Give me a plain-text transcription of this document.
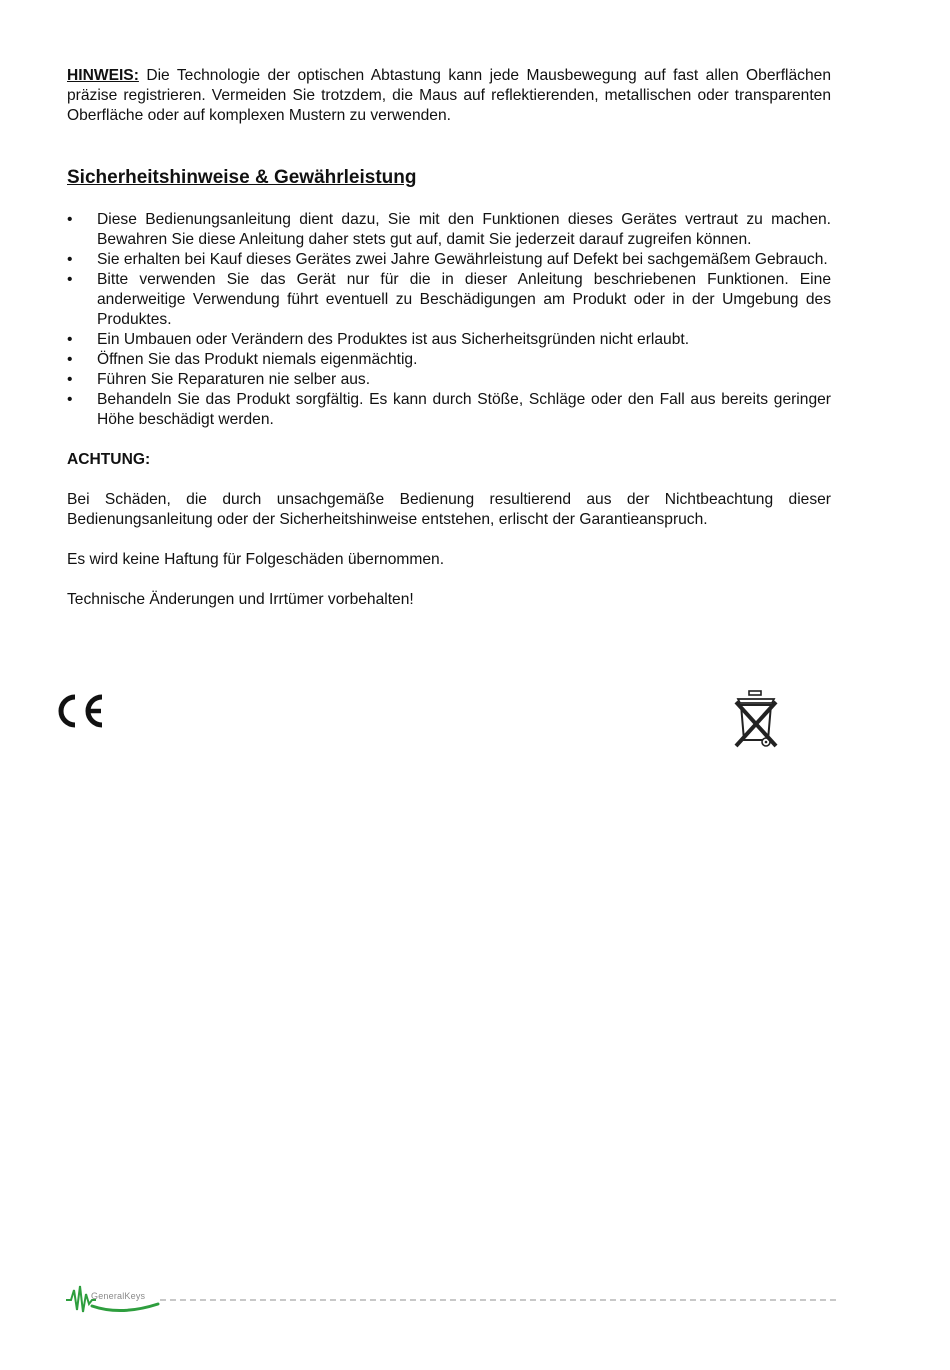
HINWEIS: Die Technologie der optischen Abtastung kann jede Mausbewegung auf fast allen Oberflächen präzise registrieren. Vermeiden Sie trotzdem, die Maus auf reflektierenden, metallischen oder transparenten Oberfläche oder auf komplexen Mustern zu verwenden.

Sicherheitshinweise & Gewährleistung
•	Diese Bedienungsanleitung dient dazu, Sie mit den Funktionen dieses Gerätes vertraut zu machen. Bewahren Sie diese Anleitung daher stets gut auf, damit Sie jederzeit darauf zugreifen können.
•	Sie erhalten bei Kauf dieses Gerätes zwei Jahre Gewährleistung auf Defekt bei sachgemäßem Gebrauch.
•	Bitte verwenden Sie das Gerät nur für die in dieser Anleitung beschriebenen Funktionen. Eine anderweitige Verwendung führt eventuell zu Beschädigungen am Produkt oder in der Umgebung des Produktes.
•	Ein Umbauen oder Verändern des Produktes ist aus Sicherheitsgründen nicht erlaubt.
•	Öffnen Sie das Produkt niemals eigenmächtig.
•	Führen Sie Reparaturen nie selber aus.
•	Behandeln Sie das Produkt sorgfältig. Es kann durch Stöße, Schläge oder den Fall aus bereits geringer Höhe beschädigt werden.

ACHTUNG:

Bei Schäden, die durch unsachgemäße Bedienung resultierend aus der Nichtbeachtung dieser Bedienungsanleitung oder der Sicherheitshinweise entstehen, erlischt der Garantieanspruch.

Es wird keine Haftung für Folgeschäden übernommen.

Technische Änderungen und Irrtümer vorbehalten!

GeneralKeys
